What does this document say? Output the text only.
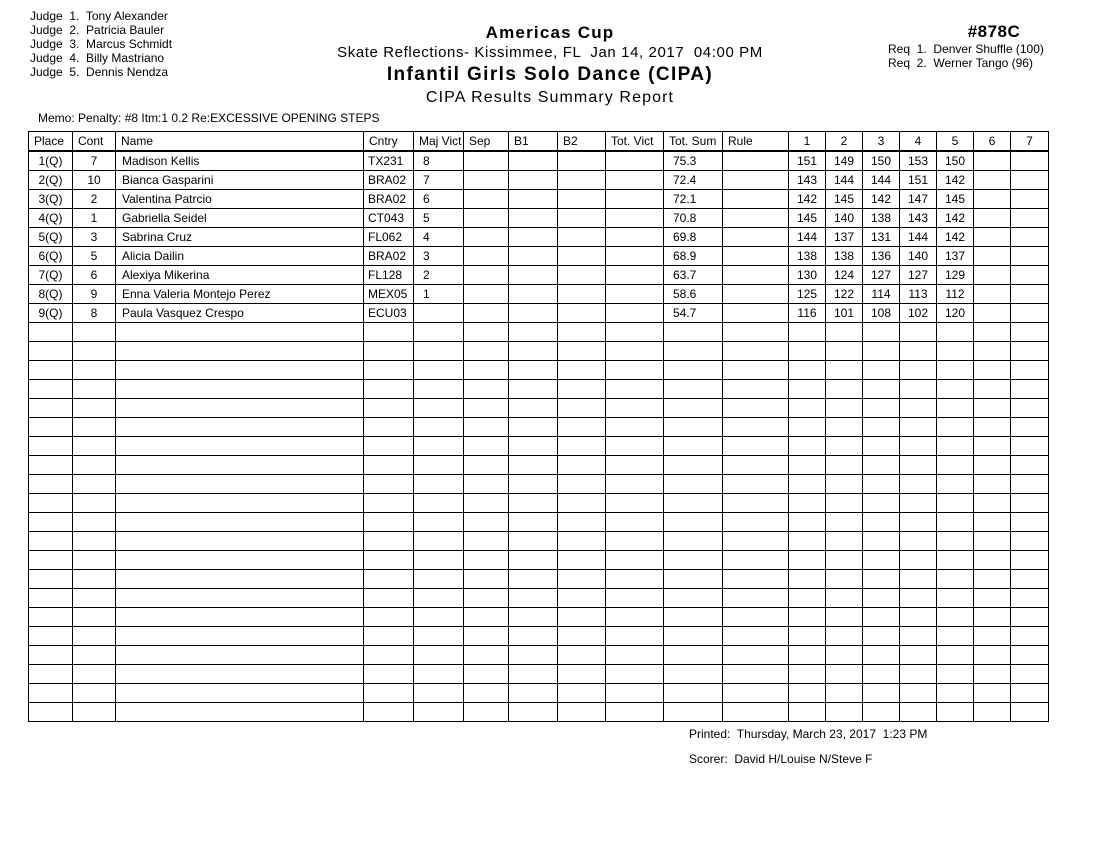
Judge  1.  Tony Alexander
Judge  2.  Patricia Bauler
Judge  3.  Marcus Schmidt
Judge  4.  Billy Mastriano
Judge  5.  Dennis Nendza
Americas Cup
Skate Reflections- Kissimmee, FL  Jan 14, 2017  04:00 PM
Infantil Girls Solo Dance (CIPA)
CIPA Results Summary Report
#878C
Req  1.  Denver Shuffle (100)
Req  2.  Werner Tango (96)
Memo: Penalty: #8 Itm:1 0.2 Re:EXCESSIVE OPENING STEPS
Place	Cont	Name	Cntry	Maj Vict	Sep	B1	B2	Tot. Vict	Tot. Sum	Rule	1	2	3	4	5	6	7
1(Q)	7	Madison Kellis	TX231	8					75.3		151	149	150	153	150		
2(Q)	10	Bianca Gasparini	BRA02	7					72.4		143	144	144	151	142		
3(Q)	2	Valentina Patrcio	BRA02	6					72.1		142	145	142	147	145		
4(Q)	1	Gabriella Seidel	CT043	5					70.8		145	140	138	143	142		
5(Q)	3	Sabrina Cruz	FL062	4					69.8		144	137	131	144	142		
6(Q)	5	Alicia Dailin	BRA02	3					68.9		138	138	136	140	137		
7(Q)	6	Alexiya Mikerina	FL128	2					63.7		130	124	127	127	129		
8(Q)	9	Enna Valeria Montejo Perez	MEX05	1					58.6		125	122	114	113	112		
9(Q)	8	Paula Vasquez Crespo	ECU03						54.7		116	101	108	102	120		

Printed:  Thursday, March 23, 2017  1:23 PM
Scorer:  David H/Louise N/Steve F
